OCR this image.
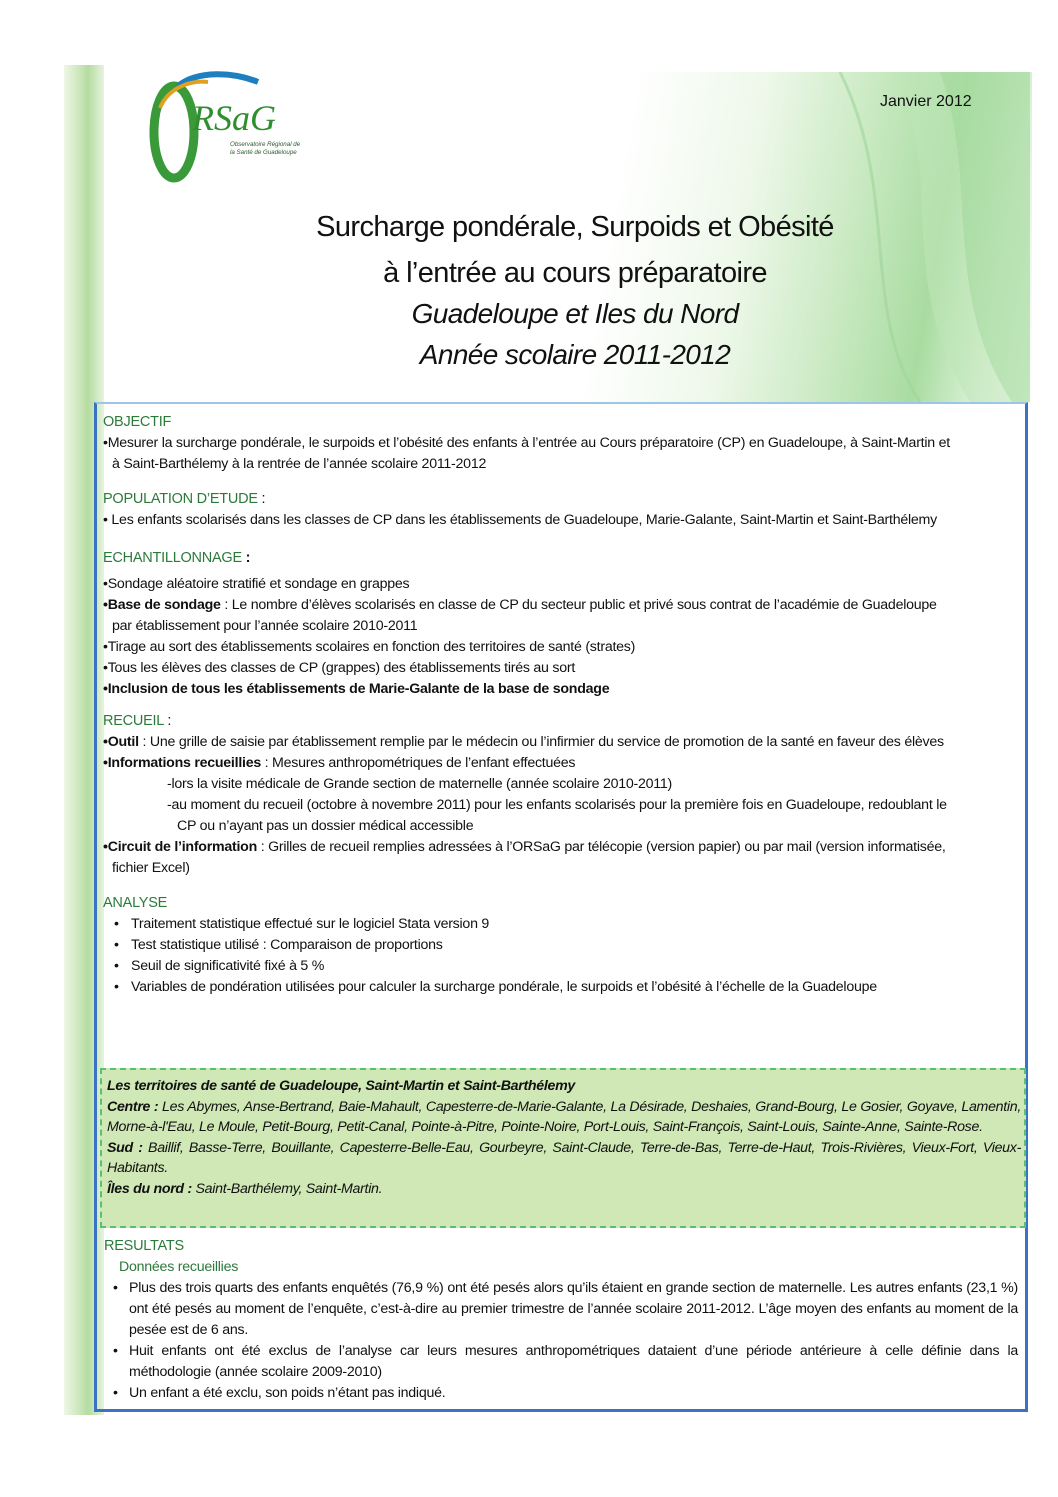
RSaG
Observatoire Régional de
la Santé de Guadeloupe
Janvier 2012
Surcharge pondérale, Surpoids et Obésité
à l’entrée au cours préparatoire
Guadeloupe et Iles du Nord
Année scolaire 2011-2012
OBJECTIF
•Mesurer la surcharge pondérale, le surpoids et l’obésité des enfants à l’entrée au Cours préparatoire (CP) en Guadeloupe, à Saint-Martin et
à Saint-Barthélemy à la rentrée de l’année scolaire 2011-2012
POPULATION D’ETUDE :
• Les enfants scolarisés dans les classes de CP dans les établissements de Guadeloupe, Marie-Galante, Saint-Martin et Saint-Barthélemy
ECHANTILLONNAGE :
•Sondage aléatoire stratifié et sondage en grappes
•Base de sondage : Le nombre d’élèves scolarisés en classe de CP du secteur public et privé sous contrat de l’académie de Guadeloupe
par établissement pour l’année scolaire 2010-2011
•Tirage au sort des établissements scolaires en fonction des territoires de santé (strates)
•Tous les élèves des classes de CP (grappes) des établissements tirés au sort
•Inclusion de tous les établissements de Marie-Galante de la base de sondage
RECUEIL :
•Outil : Une grille de saisie par établissement remplie par le médecin ou l’infirmier du service de promotion de la santé en faveur des élèves
•Informations recueillies : Mesures anthropométriques de l’enfant effectuées
-lors la visite médicale de Grande section de maternelle (année scolaire 2010-2011)
-au moment du recueil (octobre à novembre 2011) pour les enfants scolarisés pour la première fois en Guadeloupe, redoublant le
CP ou n’ayant pas un dossier médical accessible
•Circuit de l’information : Grilles de recueil remplies adressées à l’ORSaG par télécopie (version papier) ou par mail (version informatisée,
fichier Excel)
ANALYSE
• Traitement statistique effectué sur le logiciel Stata version 9
• Test statistique utilisé : Comparaison de proportions
• Seuil de significativité fixé à 5 %
• Variables de pondération utilisées pour calculer la surcharge pondérale, le surpoids et l’obésité à l’échelle de la Guadeloupe
Les territoires de santé de Guadeloupe, Saint-Martin et Saint-Barthélemy
Centre : Les Abymes, Anse-Bertrand, Baie-Mahault, Capesterre-de-Marie-Galante, La Désirade, Deshaies, Grand-Bourg, Le Gosier, Goyave, Lamentin, Morne-à-l'Eau, Le Moule, Petit-Bourg, Petit-Canal, Pointe-à-Pitre, Pointe-Noire, Port-Louis, Saint-François, Saint-Louis, Sainte-Anne, Sainte-Rose.
Sud : Baillif, Basse-Terre, Bouillante, Capesterre-Belle-Eau, Gourbeyre, Saint-Claude, Terre-de-Bas, Terre-de-Haut, Trois-Rivières, Vieux-Fort, Vieux-Habitants.
Îles du nord : Saint-Barthélemy, Saint-Martin.
RESULTATS
Données recueillies
• Plus des trois quarts des enfants enquêtés (76,9 %) ont été pesés alors qu’ils étaient en grande section de maternelle. Les autres enfants (23,1 %) ont été pesés au moment de l’enquête, c’est-à-dire au premier trimestre de l’année scolaire 2011-2012. L’âge moyen des enfants au moment de la pesée est de 6 ans.
• Huit enfants ont été exclus de l’analyse car leurs mesures anthropométriques dataient d’une période antérieure à celle définie dans la méthodologie (année scolaire 2009-2010)
• Un enfant a été exclu, son poids n’étant pas indiqué.
